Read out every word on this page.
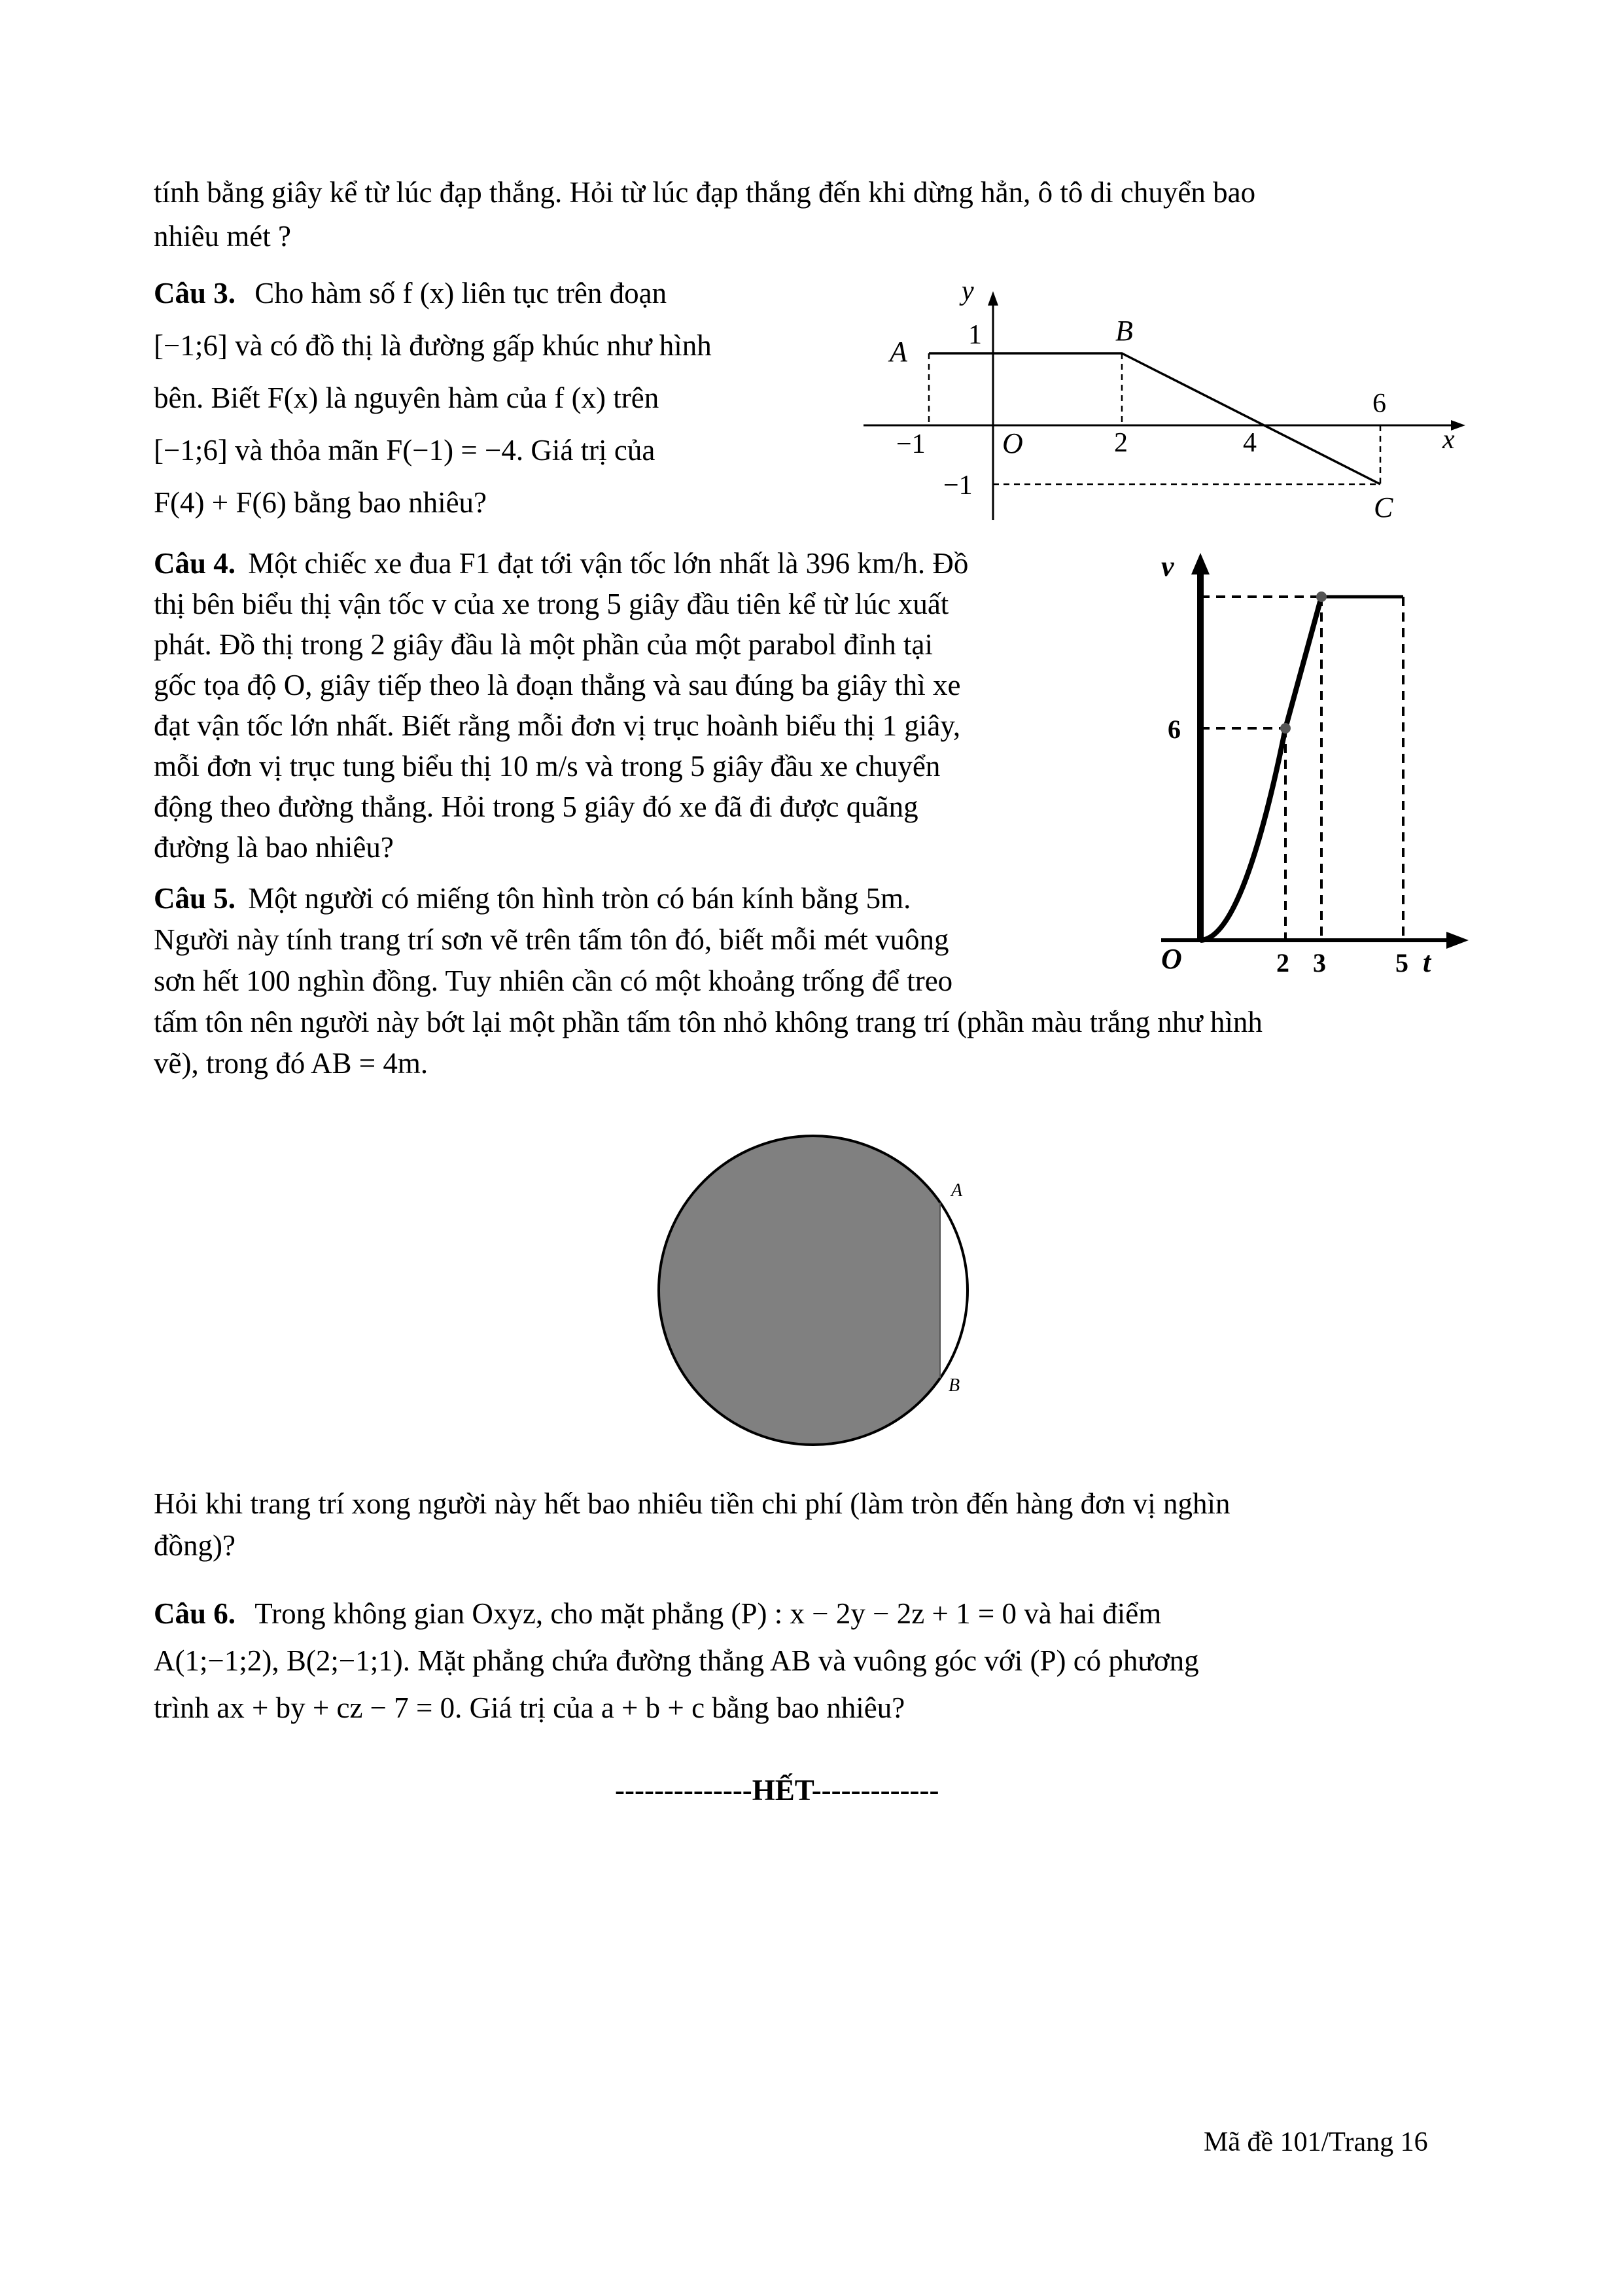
tính bằng giây kể từ lúc đạp thắng. Hỏi từ lúc đạp thắng đến khi dừng hẳn, ô tô di chuyển bao
nhiêu mét ?
Câu 3. Cho hàm số f (x) liên tục trên đoạn
[−1;6] và có đồ thị là đường gấp khúc như hình
bên. Biết F(x) là nguyên hàm của f (x) trên
[−1;6] và thỏa mãn F(−1) = −4. Giá trị của
F(4) + F(6) bằng bao nhiêu?
y
x
A
B
C
O
1
−1
−1
2	4
6
Câu 4. Một chiếc xe đua F1 đạt tới vận tốc lớn nhất là 396 km/h. Đồ
thị bên biểu thị vận tốc v của xe trong 5 giây đầu tiên kể từ lúc xuất
phát. Đồ thị trong 2 giây đầu là một phần của một parabol đỉnh tại
gốc tọa độ O, giây tiếp theo là đoạn thẳng và sau đúng ba giây thì xe
đạt vận tốc lớn nhất. Biết rằng mỗi đơn vị trục hoành biểu thị 1 giây,
mỗi đơn vị trục tung biểu thị 10 m/s và trong 5 giây đầu xe chuyển
động theo đường thẳng. Hỏi trong 5 giây đó xe đã đi được quãng
đường là bao nhiêu?
v
6
O	2 3	5 t
Câu 5. Một người có miếng tôn hình tròn có bán kính bằng 5m.
Người này tính trang trí sơn vẽ trên tấm tôn đó, biết mỗi mét vuông
sơn hết 100 nghìn đồng. Tuy nhiên cần có một khoảng trống để treo
tấm tôn nên người này bớt lại một phần tấm tôn nhỏ không trang trí (phần màu trắng như hình
vẽ), trong đó AB = 4m.
A
B
Hỏi khi trang trí xong người này hết bao nhiêu tiền chi phí (làm tròn đến hàng đơn vị nghìn
đồng)?
Câu 6. Trong không gian Oxyz, cho mặt phẳng (P) : x − 2y − 2z + 1 = 0 và hai điểm
A(1;−1;2), B(2;−1;1). Mặt phẳng chứa đường thẳng AB và vuông góc với (P) có phương
trình ax + by + cz − 7 = 0. Giá trị của a + b + c bằng bao nhiêu?
--------------HẾT-------------
Mã đề 101/Trang 16
